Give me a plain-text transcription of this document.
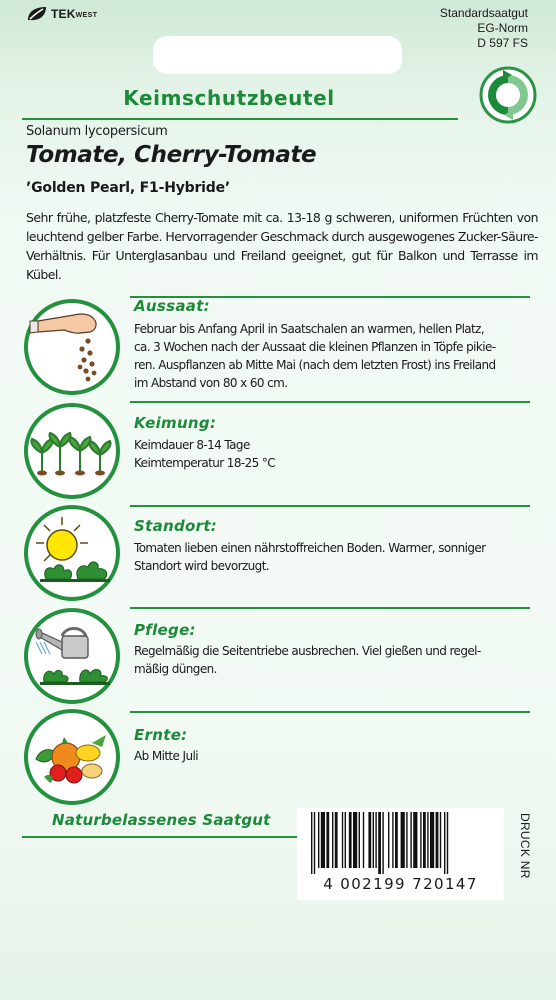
TEKWEST	Standardsaatgut
EG-Norm
D 597 FS
Keimschutzbeutel
Solanum lycopersicum
Tomate, Cherry-Tomate
’Golden Pearl, F1-Hybride’
Sehr frühe, platzfeste Cherry-Tomate mit ca. 13-18 g schweren, uniformen Früchten von leuchtend gelber Farbe. Hervorragender Geschmack durch ausgewogenes Zucker-Säure-Verhältnis. Für Unterglasanbau und Freiland geeignet, gut für Balkon und Terrasse im Kübel.
Aussaat:
Februar bis Anfang April in Saatschalen an warmen, hellen Platz,
ca. 3 Wochen nach der Aussaat die kleinen Pflanzen in Töpfe pikie-
ren. Auspflanzen ab Mitte Mai (nach dem letzten Frost) ins Freiland
im Abstand von 80 x 60 cm.
Keimung:
Keimdauer 8-14 Tage
Keimtemperatur 18-25 °C
Standort:
Tomaten lieben einen nährstoffreichen Boden. Warmer, sonniger
Standort wird bevorzugt.
Pflege:
Regelmäßig die Seitentriebe ausbrechen. Viel gießen und regel-
mäßig düngen.
Ernte:
Ab Mitte Juli
Naturbelassenes Saatgut
4 002199 720147
DRUCK NR
